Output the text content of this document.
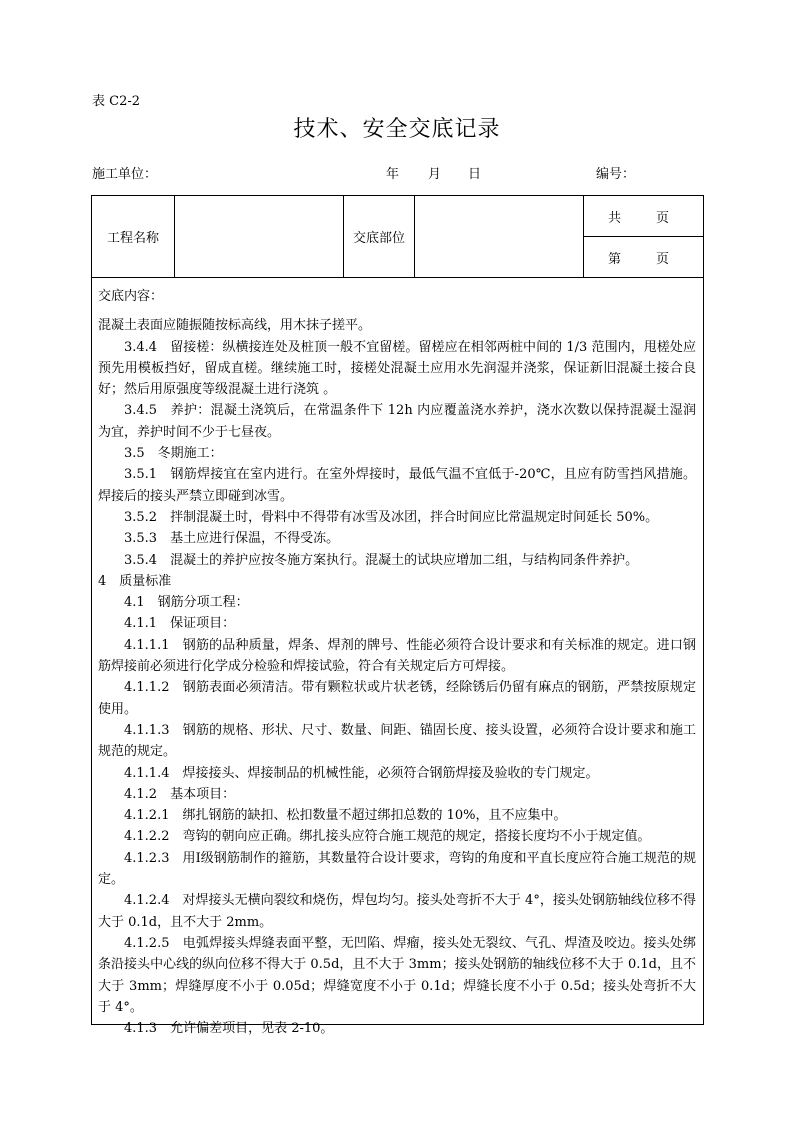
表 C2-2
技术、安全交底记录
施工单位：	年 月 日	编号：
工程名称		交底部位		共	页

第	页

交底内容：

混凝土表面应随振随按标高线，用木抹子搓平。

3.4.4　留接槎：纵横接连处及桩顶一般不宜留槎。留槎应在相邻两桩中间的 1/3 范围内，甩槎处应预先用模板挡好，留成直槎。继续施工时，接槎处混凝土应用水先润湿并浇浆，保证新旧混凝土接合良好；然后用原强度等级混凝土进行浇筑 。

3.4.5　养护：混凝土浇筑后，在常温条件下 12h 内应覆盖浇水养护，浇水次数以保持混凝土湿润为宜，养护时间不少于七昼夜。

3.5　冬期施工：

3.5.1　钢筋焊接宜在室内进行。在室外焊接时，最低气温不宜低于-20℃，且应有防雪挡风措施。焊接后的接头严禁立即碰到冰雪。

3.5.2　拌制混凝土时，骨料中不得带有冰雪及冰团，拌合时间应比常温规定时间延长 50%。

3.5.3　基土应进行保温，不得受冻。

3.5.4　混凝土的养护应按冬施方案执行。混凝土的试块应增加二组，与结构同条件养护。

4　质量标准

4.1　钢筋分项工程：

4.1.1　保证项目：

4.1.1.1　钢筋的品种质量，焊条、焊剂的牌号、性能必须符合设计要求和有关标准的规定。进口钢筋焊接前必须进行化学成分检验和焊接试验，符合有关规定后方可焊接。

4.1.1.2　钢筋表面必须清洁。带有颗粒状或片状老锈，经除锈后仍留有麻点的钢筋，严禁按原规定使用。

4.1.1.3　钢筋的规格、形状、尺寸、数量、间距、锚固长度、接头设置，必须符合设计要求和施工规范的规定。

4.1.1.4　焊接接头、焊接制品的机械性能，必须符合钢筋焊接及验收的专门规定。

4.1.2　基本项目：

4.1.2.1　绑扎钢筋的缺扣、松扣数量不超过绑扣总数的 10%，且不应集中。

4.1.2.2　弯钩的朝向应正确。绑扎接头应符合施工规范的规定，搭接长度均不小于规定值。

4.1.2.3　用Ⅰ级钢筋制作的箍筋，其数量符合设计要求，弯钩的角度和平直长度应符合施工规范的规定。

4.1.2.4　对焊接头无横向裂纹和烧伤，焊包均匀。接头处弯折不大于 4°，接头处钢筋轴线位移不得大于 0.1d，且不大于 2mm。

4.1.2.5　电弧焊接头焊缝表面平整，无凹陷、焊瘤，接头处无裂纹、气孔、焊渣及咬边。接头处绑条沿接头中心线的纵向位移不得大于 0.5d，且不大于 3mm；接头处钢筋的轴线位移不大于 0.1d，且不大于 3mm；焊缝厚度不小于 0.05d；焊缝宽度不小于 0.1d；焊缝长度不小于 0.5d；接头处弯折不大于 4°。

4.1.3　允许偏差项目，见表 2-10。
